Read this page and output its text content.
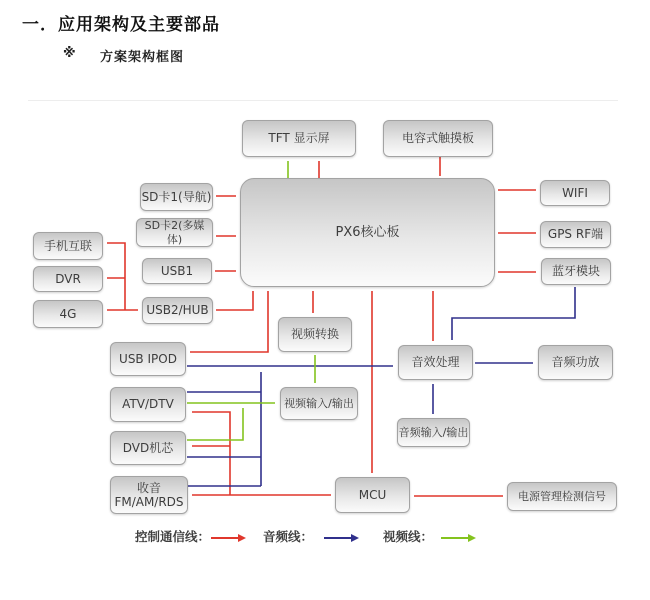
一．应用架构及主要部品
※ 方案架构框图
TFT 显示屏	电容式触摸板
PX6核心板
SD卡1(导航)
SD卡2(多媒体)
USB1
USB2/HUB
手机互联
DVR
4G
WIFI
GPS RF端
蓝牙模块
USB IPOD
ATV/DTV
DVD机芯
收音
FM/AM/RDS
视频转换
视频输入/输出
音效处理	音频功放
音频输入/输出
MCU	电源管理检测信号
控制通信线：	音频线：	视频线：
